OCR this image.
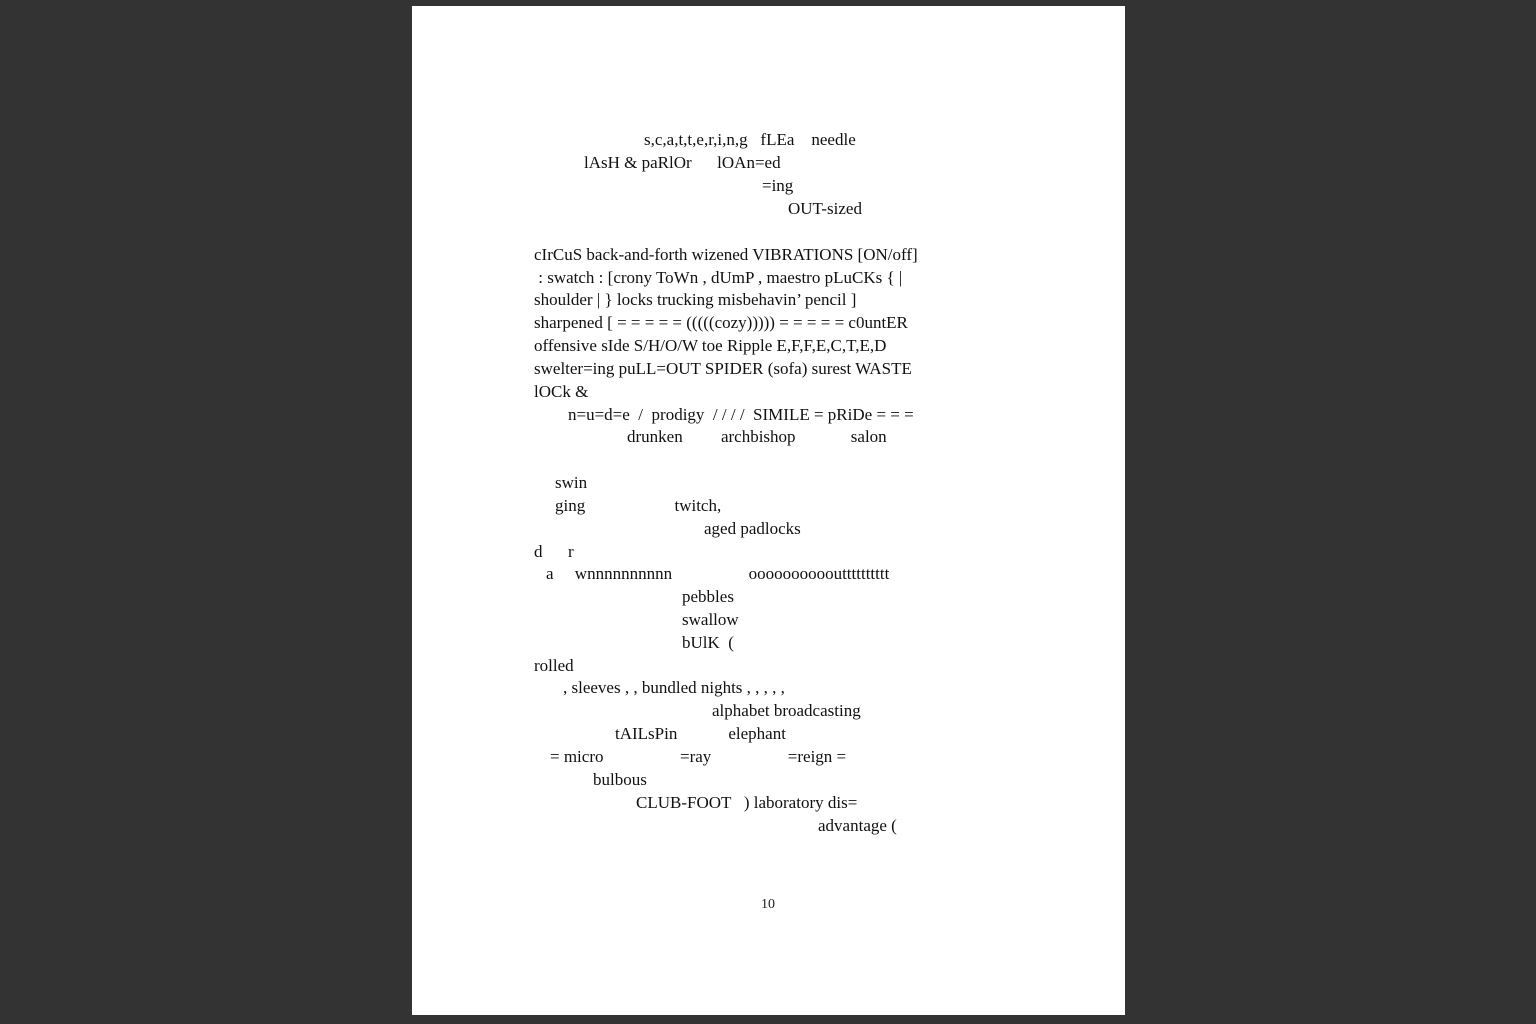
s,c,a,t,t,e,r,i,n,g   fLEa    needle
lAsH & paRlOr      lOAn=ed
=ing
OUT-sized
cIrCuS back-and-forth wizened VIBRATIONS [ON/off]
: swatch : [crony ToWn , dUmP , maestro pLuCKs { |
shoulder | } locks trucking misbehavin’ pencil ]
sharpened [ = = = = = (((((cozy))))) = = = = = c0untER
offensive sIde S/H/O/W toe Ripple E,F,F,E,C,T,E,D
swelter=ing puLL=OUT SPIDER (sofa) surest WASTE
lOCk &
n=u=d=e  /  prodigy  / / / /  SIMILE = pRiDe = = =
drunken         archbishop             salon
swin
ging                     twitch,
aged padlocks
d      r
a     wnnnnnnnnnn                  ooooooooooutttttttttt
pebbles
swallow
bUlK  (
rolled
, sleeves , , bundled nights , , , , ,
alphabet broadcasting
tAILsPin            elephant
= micro                  =ray                  =reign =
bulbous
CLUB-FOOT   ) laboratory dis=
advantage (
10
